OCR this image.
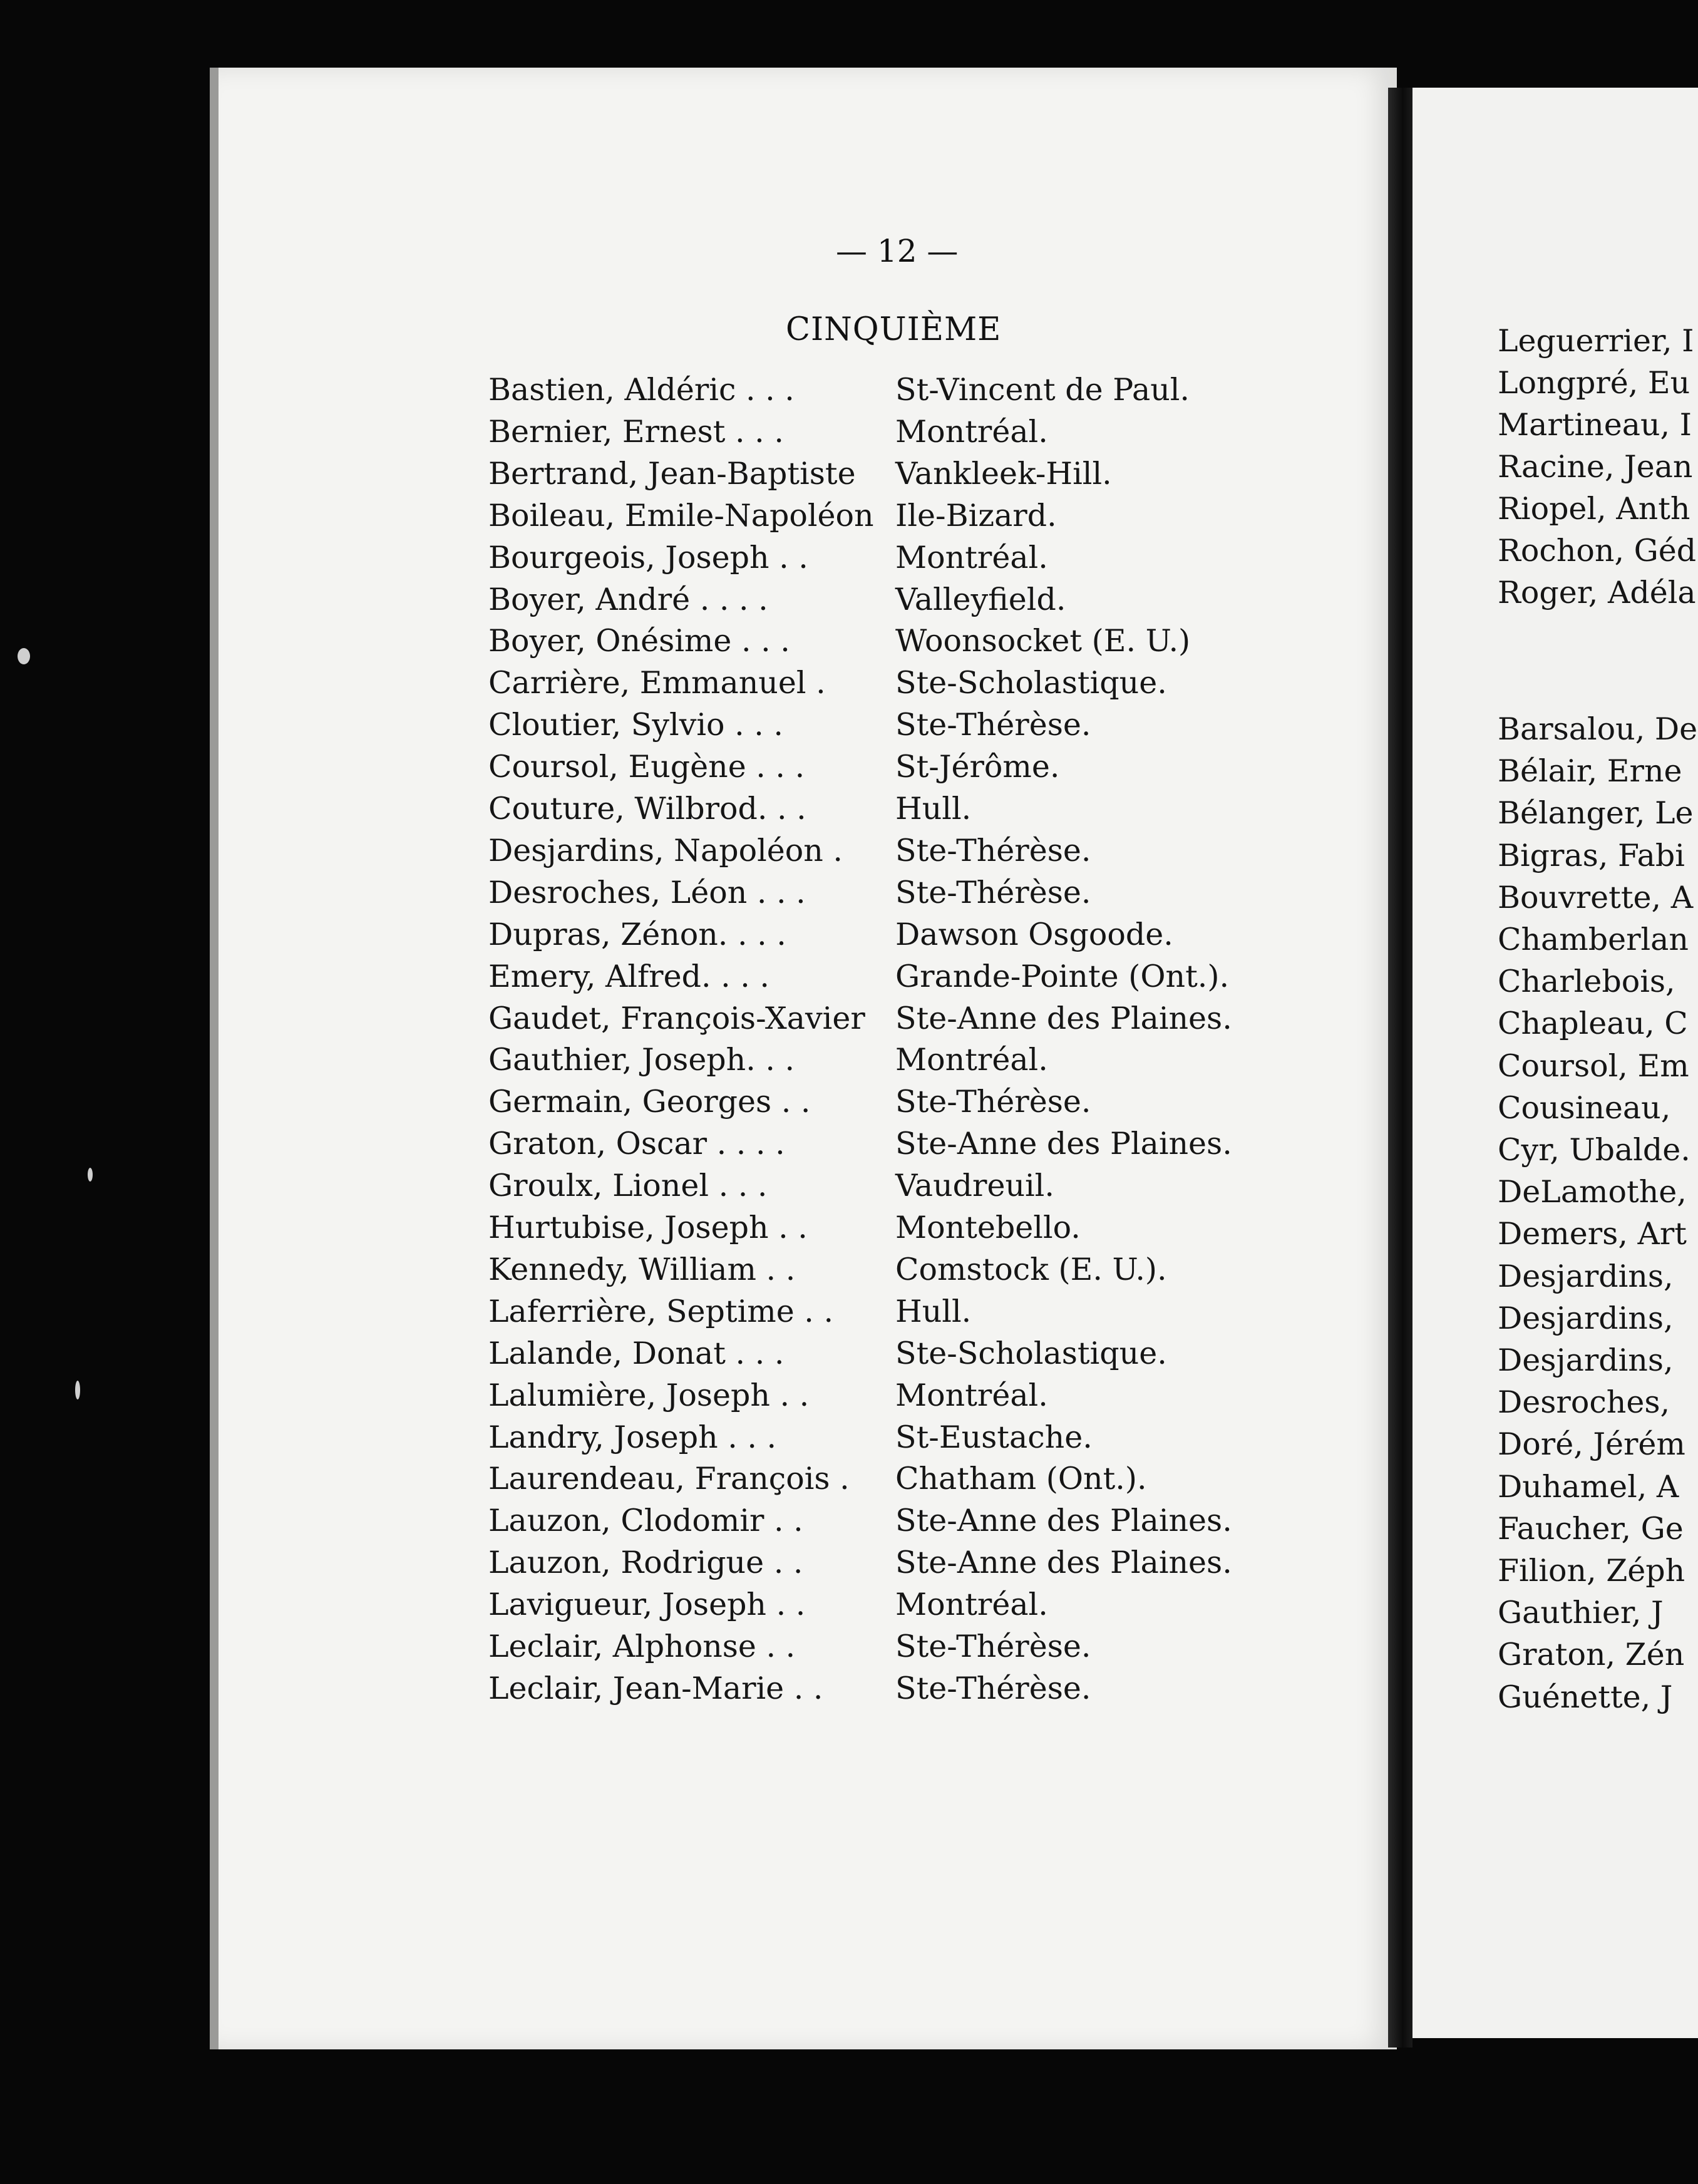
— 12 —
CINQUIÈME
Bastien, Aldéric . . .	St-Vincent de Paul.
Bernier, Ernest . . .	Montréal.
Bertrand, Jean-Baptiste Vankleek-Hill.
Boileau, Emile-Napoléon Ile-Bizard.
Bourgeois, Joseph . .	Montréal.
Boyer, André . . . .	Valleyfield.
Boyer, Onésime . . .	Woonsocket (E. U.)
Carrière, Emmanuel . Ste-Scholastique.
Cloutier, Sylvio . . .	Ste-Thérèse.
Coursol, Eugène . . .	St-Jérôme.
Couture, Wilbrod. . .	Hull.
Desjardins, Napoléon . Ste-Thérèse.
Desroches, Léon . . .	Ste-Thérèse.
Dupras, Zénon. . . .	Dawson Osgoode.
Emery, Alfred. . . .	Grande-Pointe (Ont.).
Gaudet, François-Xavier Ste-Anne des Plaines.
Gauthier, Joseph. . .	Montréal.
Germain, Georges . .	Ste-Thérèse.
Graton, Oscar . . . .	Ste-Anne des Plaines.
Groulx, Lionel . . .	Vaudreuil.
Hurtubise, Joseph . .	Montebello.
Kennedy, William . .	Comstock (E. U.).
Laferrière, Septime . . Hull.
Lalande, Donat . . .	Ste-Scholastique.
Lalumière, Joseph . .	Montréal.
Landry, Joseph . . .	St-Eustache.
Laurendeau, François . Chatham (Ont.).
Lauzon, Clodomir . .	Ste-Anne des Plaines.
Lauzon, Rodrigue . .	Ste-Anne des Plaines.
Lavigueur, Joseph . .	Montréal.
Leclair, Alphonse . .	Ste-Thérèse.
Leclair, Jean-Marie . . Ste-Thérèse.
Leguerrier, I
Longpré, Eu
Martineau, I
Racine, Jean
Riopel, Anth
Rochon, Géd
Roger, Adéla
Barsalou, De
Bélair, Erne
Bélanger, Le
Bigras, Fabi
Bouvrette, A
Chamberlan
Charlebois,
Chapleau, C
Coursol, Em
Cousineau,
Cyr, Ubalde.
DeLamothe,
Demers, Art
Desjardins,
Desjardins,
Desjardins,
Desroches,
Doré, Jérém
Duhamel, A
Faucher, Ge
Filion, Zéph
Gauthier, J
Graton, Zén
Guénette, J
